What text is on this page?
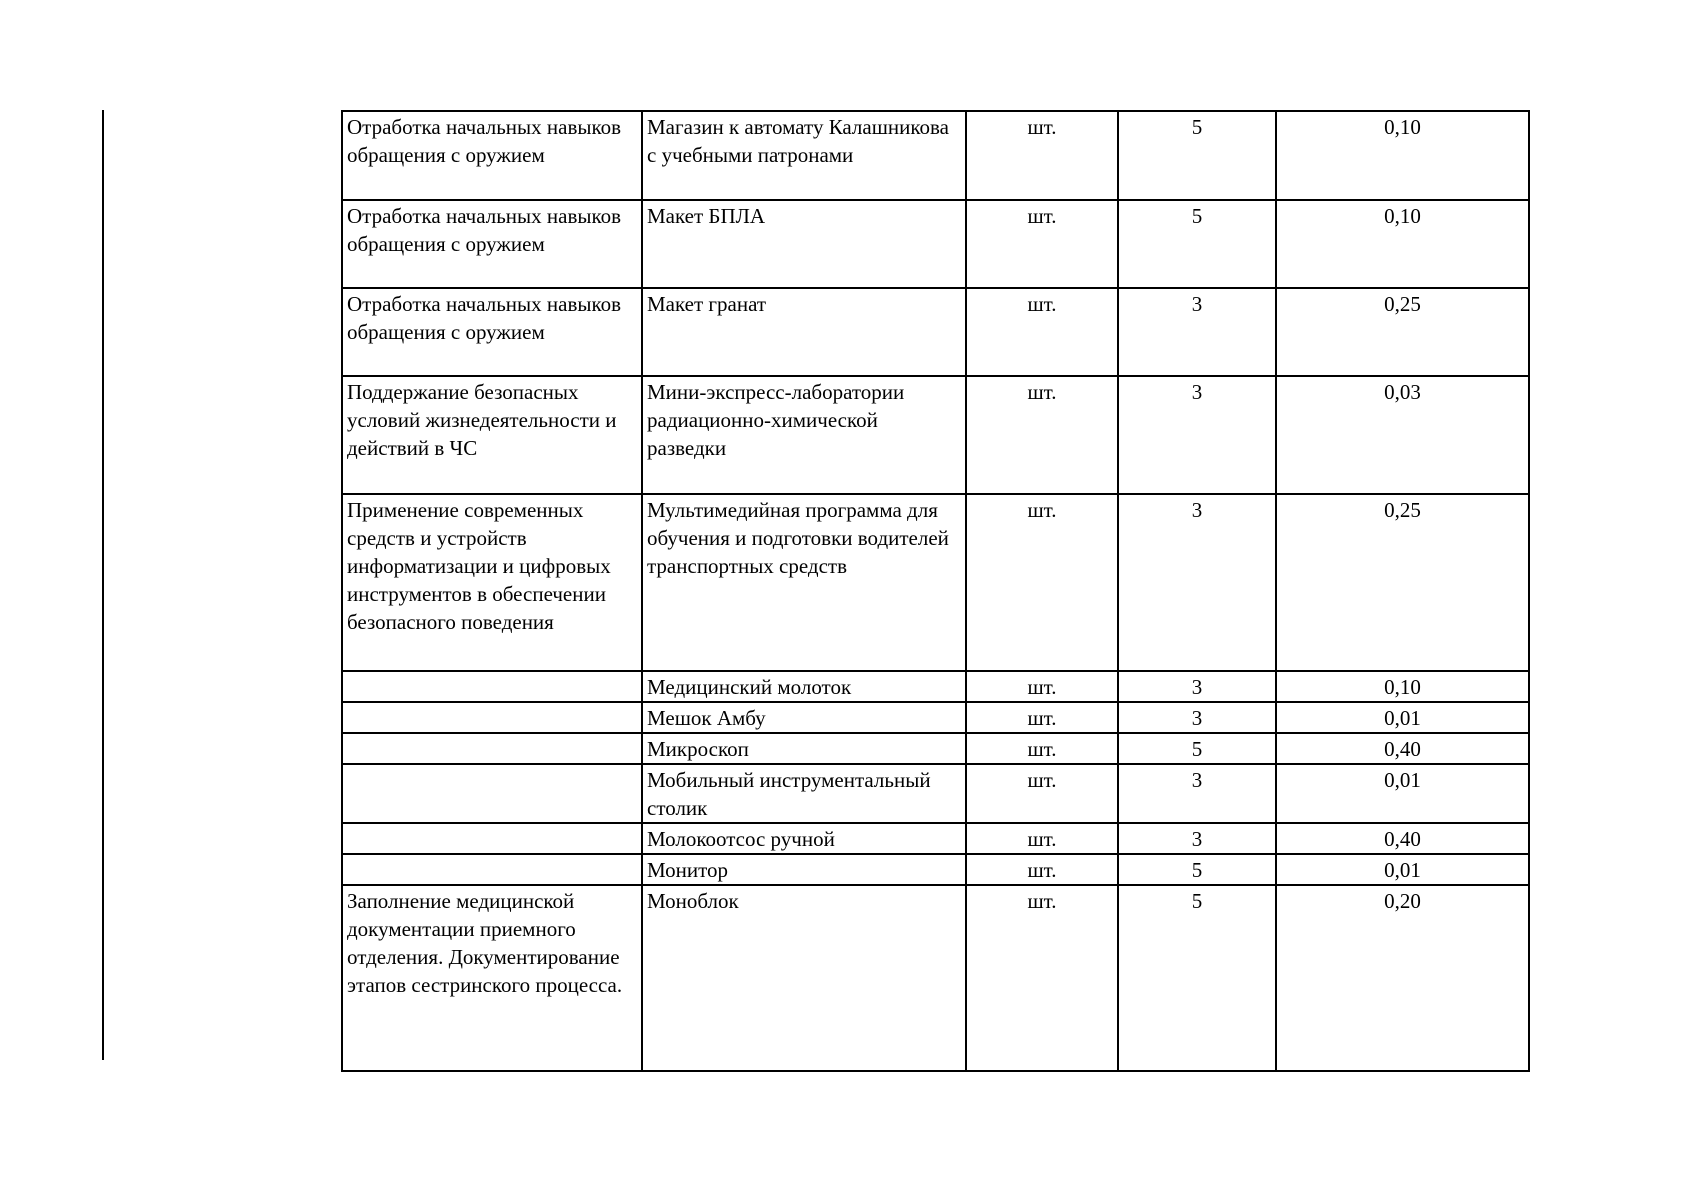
Отработка начальных навыков обращения с оружием	Магазин к автомату Калашникова с учебными патронами	шт.	5	0,10
Отработка начальных навыков обращения с оружием	Макет БПЛА	шт.	5	0,10
Отработка начальных навыков обращения с оружием	Макет гранат	шт.	3	0,25
Поддержание безопасных условий жизнедеятельности и действий в ЧС	Мини-экспресс-лаборатории радиационно-химической разведки	шт.	3	0,03
Применение современных средств и устройств информатизации и цифровых инструментов в обеспечении безопасного поведения	Мультимедийная программа для обучения и подготовки водителей транспортных средств	шт.	3	0,25
	Медицинский молоток	шт.	3	0,10
	Мешок Амбу	шт.	3	0,01
	Микроскоп	шт.	5	0,40
	Мобильный инструментальный столик	шт.	3	0,01
	Молокоотсос ручной	шт.	3	0,40
	Монитор	шт.	5	0,01
Заполнение медицинской документации приемного отделения. Документирование этапов сестринского процесса.	Моноблок	шт.	5	0,20
